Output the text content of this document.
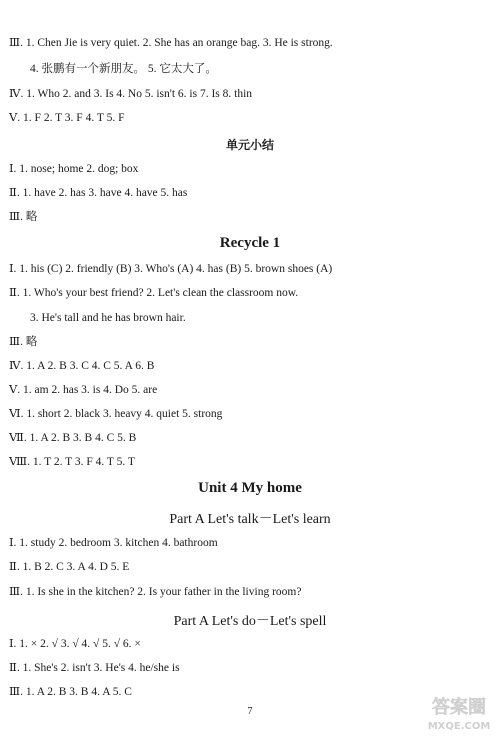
Ⅲ. 1. Chen Jie is very quiet. 2. She has an orange bag. 3. He is strong.
4. 张鹏有一个新朋友。 5. 它太大了。
Ⅳ. 1. Who 2. and 3. Is 4. No 5. isn't 6. is 7. Is 8. thin
Ⅴ. 1. F 2. T 3. F 4. T 5. F
单元小结
Ⅰ. 1. nose; home 2. dog; box
Ⅱ. 1. have 2. has 3. have 4. have 5. has
Ⅲ. 略
Recycle 1
Ⅰ. 1. his (C) 2. friendly (B) 3. Who's (A) 4. has (B) 5. brown shoes (A)
Ⅱ. 1. Who's your best friend? 2. Let's clean the classroom now.
3. He's tall and he has brown hair.
Ⅲ. 略
Ⅳ. 1. A 2. B 3. C 4. C 5. A 6. B
Ⅴ. 1. am 2. has 3. is 4. Do 5. are
Ⅵ. 1. short 2. black 3. heavy 4. quiet 5. strong
Ⅶ. 1. A 2. B 3. B 4. C 5. B
Ⅷ. 1. T 2. T 3. F 4. T 5. T
Unit 4 My home
Part A Let's talk－Let's learn
Ⅰ. 1. study 2. bedroom 3. kitchen 4. bathroom
Ⅱ. 1. B 2. C 3. A 4. D 5. E
Ⅲ. 1. Is she in the kitchen? 2. Is your father in the living room?
Part A Let's do－Let's spell
Ⅰ. 1. × 2. √ 3. √ 4. √ 5. √ 6. ×
Ⅱ. 1. She's 2. isn't 3. He's 4. he/she is
Ⅲ. 1. A 2. B 3. B 4. A 5. C
7	答案圈
MXQE.COM
